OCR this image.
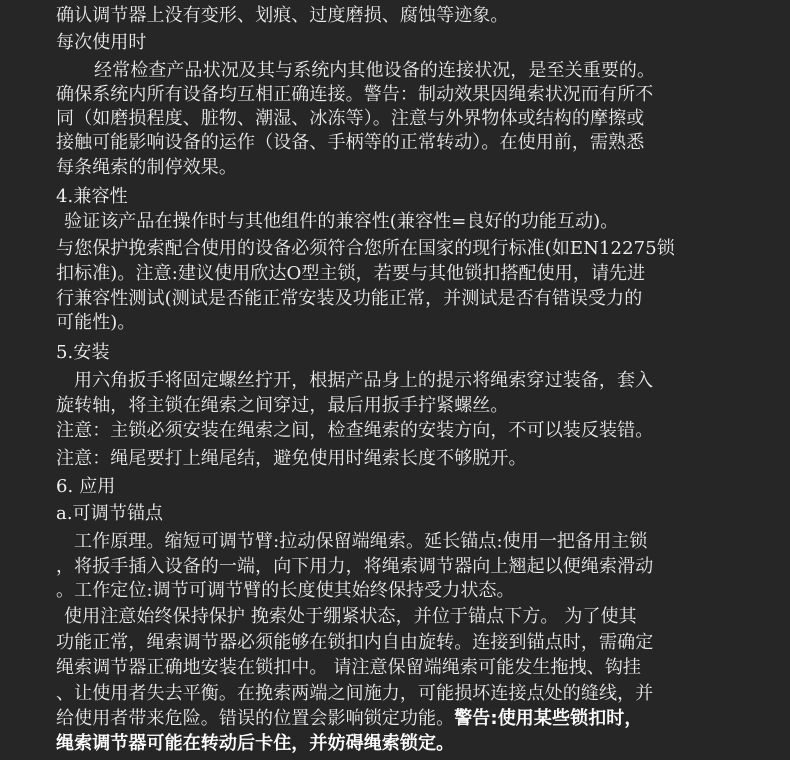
确认调节器上没有变形、划痕、过度磨损、腐蚀等迹象。
每次使用时
经常检查产品状况及其与系统内其他设备的连接状况，是至关重要的。
确保系统内所有设备均互相正确连接。警告：制动效果因绳索状况而有所不
同（如磨损程度、脏物、潮湿、冰冻等）。注意与外界物体或结构的摩擦或
接触可能影响设备的运作（设备、手柄等的正常转动）。在使用前，需熟悉
每条绳索的制停效果。
4.兼容性
验证该产品在操作时与其他组件的兼容性(兼容性=良好的功能互动)。
与您保护挽索配合使用的设备必须符合您所在国家的现行标准(如EN12275锁
扣标准)。注意:建议使用欣达O型主锁，若要与其他锁扣搭配使用，请先进
行兼容性测试(测试是否能正常安装及功能正常，并测试是否有错误受力的
可能性)。
5.安装
用六角扳手将固定螺丝拧开，根据产品身上的提示将绳索穿过装备，套入
旋转轴，将主锁在绳索之间穿过，最后用扳手拧紧螺丝。
注意：主锁必须安装在绳索之间，检查绳索的安装方向，不可以装反装错。
注意：绳尾要打上绳尾结，避免使用时绳索长度不够脱开。
6. 应用
a.可调节锚点
工作原理。缩短可调节臂:拉动保留端绳索。延长锚点:使用一把备用主锁
，将扳手插入设备的一端，向下用力，将绳索调节器向上翘起以便绳索滑动
。工作定位:调节可调节臂的长度使其始终保持受力状态。
使用注意始终保持保护 挽索处于绷紧状态，并位于锚点下方。 为了使其
功能正常，绳索调节器必须能够在锁扣内自由旋转。连接到锚点时，需确定
绳索调节器正确地安装在锁扣中。 请注意保留端绳索可能发生拖拽、钩挂
、让使用者失去平衡。在挽索两端之间施力，可能损坏连接点处的缝线，并
给使用者带来危险。错误的位置会影响锁定功能。警告:使用某些锁扣时，
绳索调节器可能在转动后卡住，并妨碍绳索锁定。
